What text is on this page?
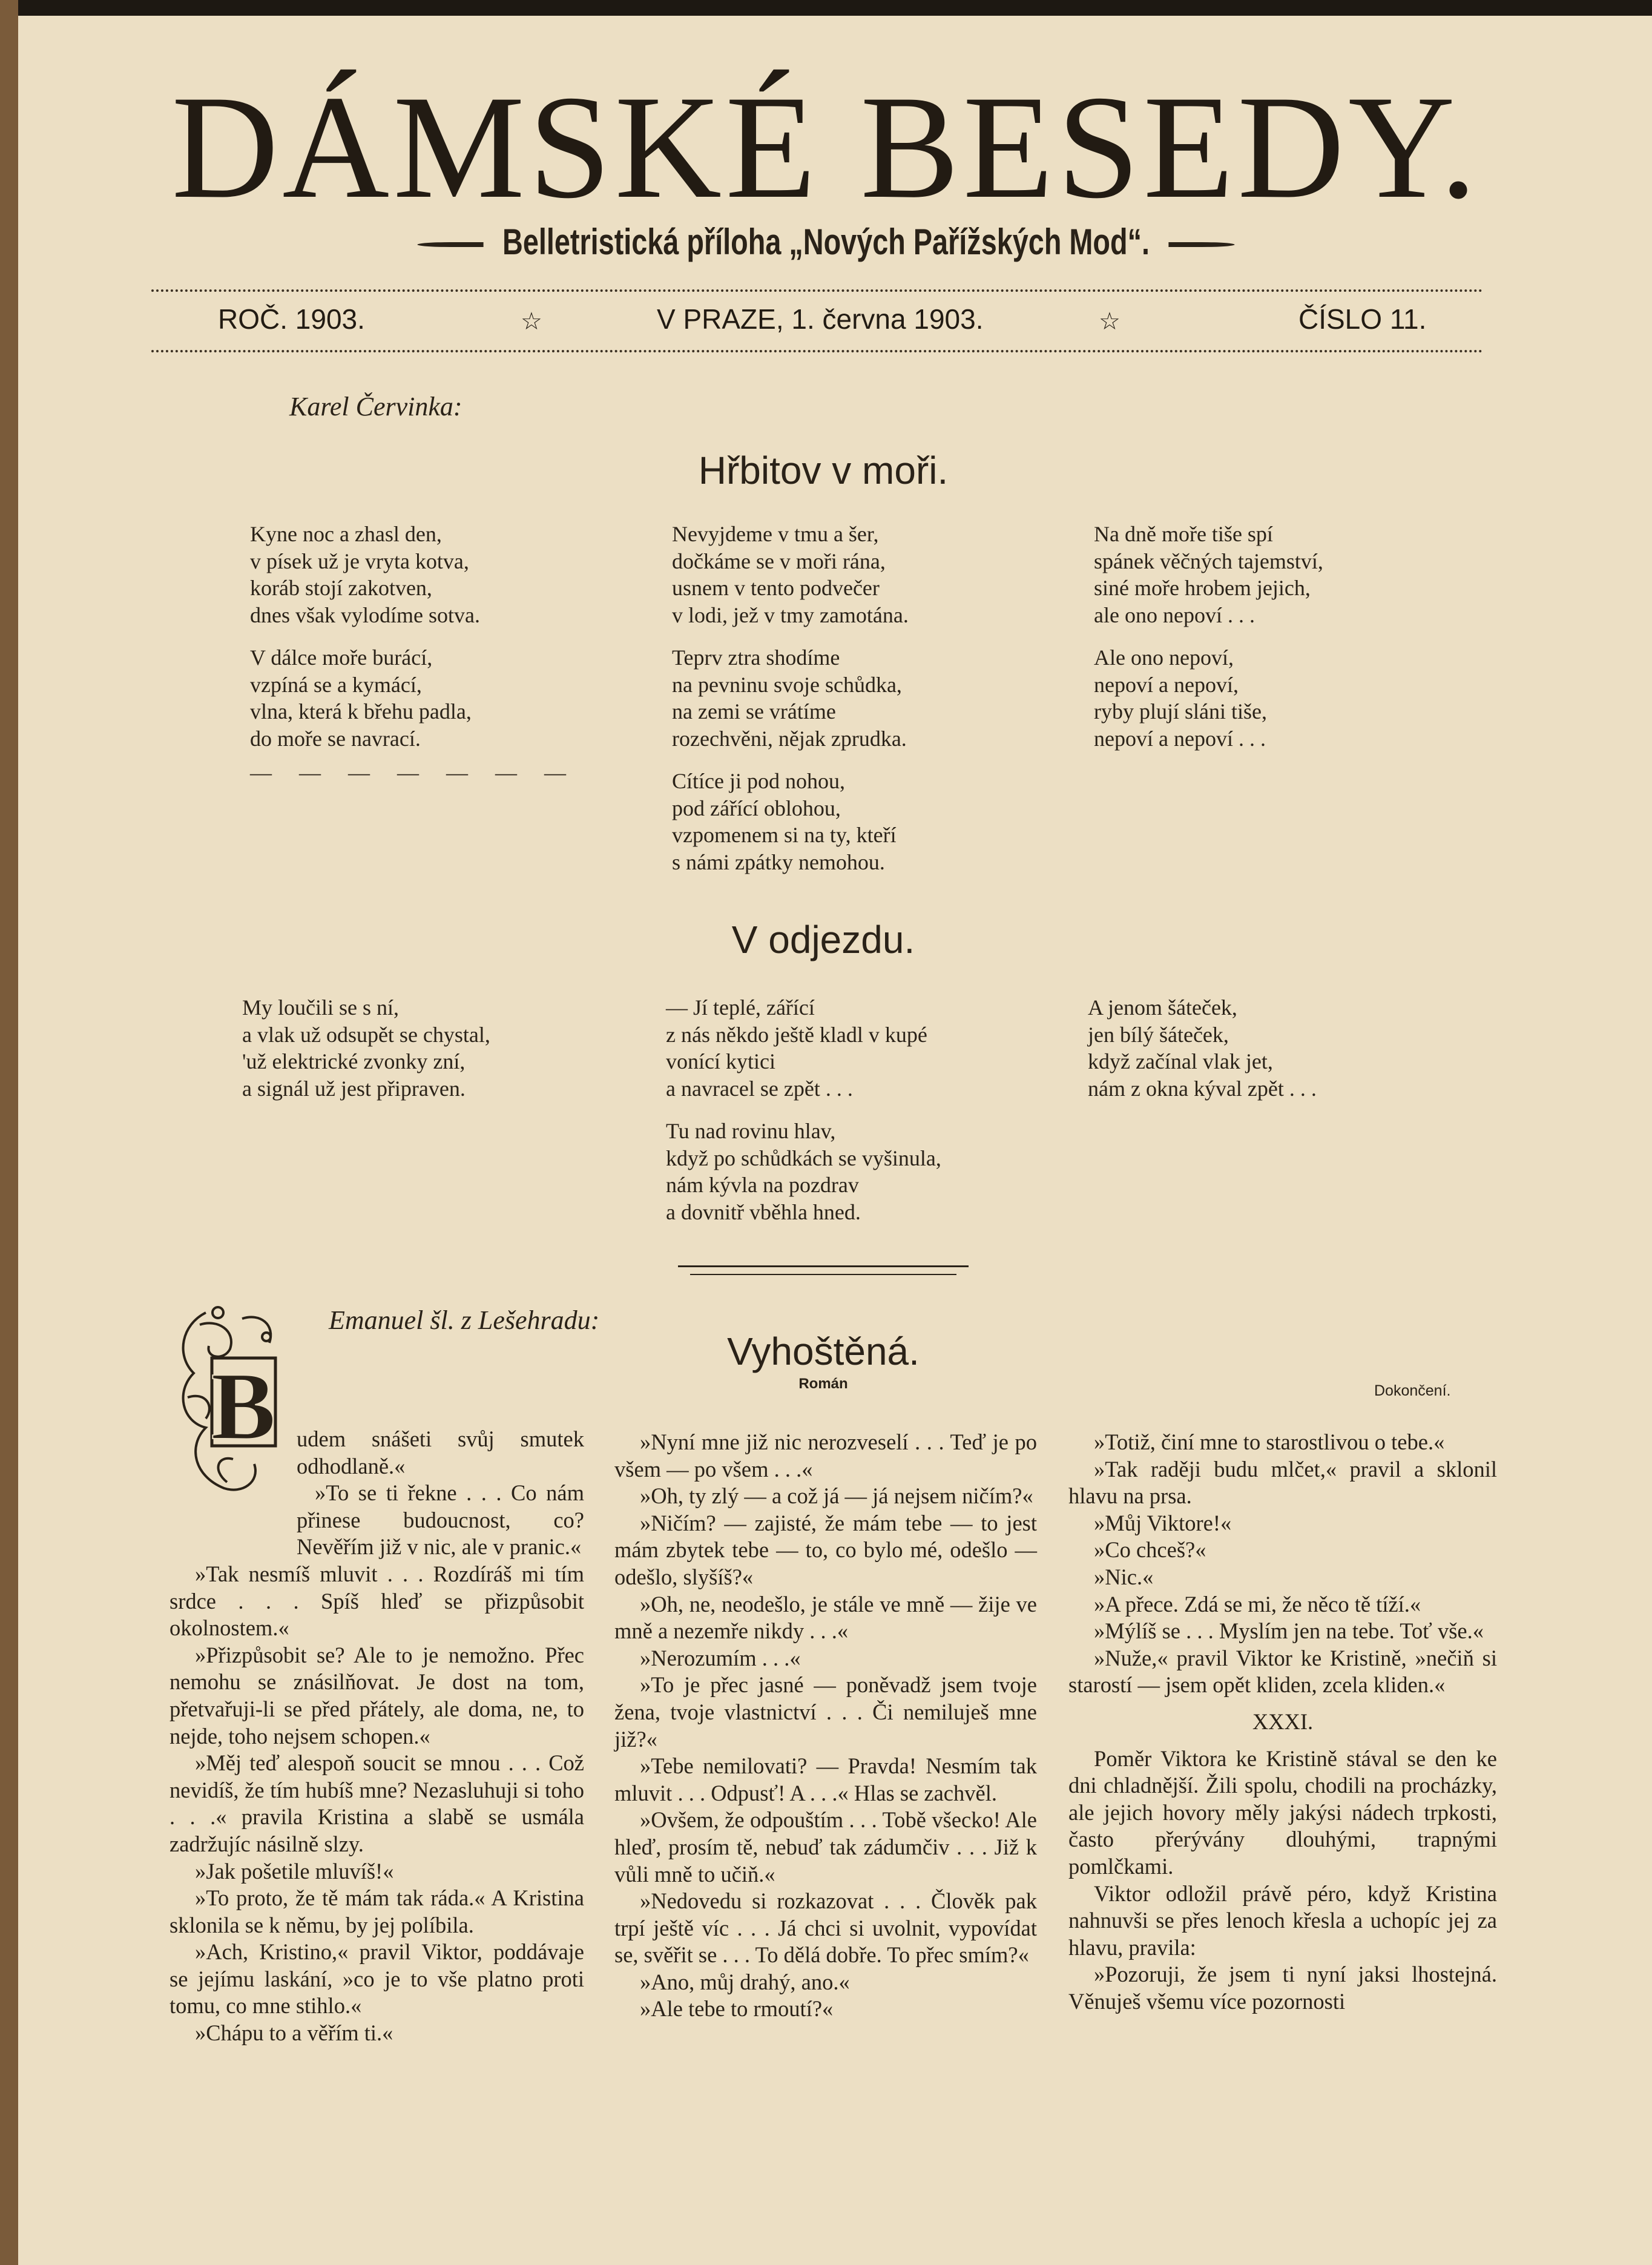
DÁMSKÉ BESEDY.
Belletristická příloha „Nových Pařížských Mod“.
ROČ. 1903.	☆	V PRAZE, 1. června 1903.	☆	ČÍSLO 11.
Karel Červinka:
Hřbitov v moři.
Kyne noc a zhasl den,
v písek už je vryta kotva,
koráb stojí zakotven,
dnes však vylodíme sotva.
V dálce moře burácí,
vzpíná se a kymácí,
vlna, která k břehu padla,
do moře se navrací.
— — — — — — —
Nevyjdeme v tmu a šer,
dočkáme se v moři rána,
usnem v tento podvečer
v lodi, jež v tmy zamotána.
Teprv ztra shodíme
na pevninu svoje schůdka,
na zemi se vrátíme
rozechvěni, nějak zprudka.
Cítíce ji pod nohou,
pod zářící oblohou,
vzpomenem si na ty, kteří
s námi zpátky nemohou.
Na dně moře tiše spí
spánek věčných tajemství,
siné moře hrobem jejich,
ale ono nepoví . . .
Ale ono nepoví,
nepoví a nepoví,
ryby plují sláni tiše,
nepoví a nepoví . . .
V odjezdu.
My loučili se s ní,
a vlak už odsupět se chystal,
'už elektrické zvonky zní,
a signál už jest připraven.
— Jí teplé, zářící
z nás někdo ještě kladl v kupé
vonící kytici
a navracel se zpět . . .
Tu nad rovinu hlav,
když po schůdkách se vyšinula,
nám kývla na pozdrav
a dovnitř vběhla hned.
A jenom šáteček,
jen bílý šáteček,
když začínal vlak jet,
nám z okna kýval zpět . . .
Emanuel šl. z Lešehradu:
Vyhoštěná.
Román	Dokončení.
B udem snášeti svůj smutek odhodlaně.«

»To se ti řekne . . . Co nám přinese budoucnost, co? Nevěřím již v nic, ale v pranic.«

»Tak nesmíš mluvit . . . Rozdíráš mi tím srdce . . . Spíš hleď se přizpůsobit okolnostem.«

»Přizpůsobit se? Ale to je nemožno. Přec nemohu se znásilňovat. Je dost na tom, přetvařuji-li se před přátely, ale doma, ne, to nejde, toho nejsem schopen.«

»Měj teď alespoň soucit se mnou . . . Což nevidíš, že tím hubíš mne? Nezasluhuji si toho . . .« pravila Kristina a slabě se usmála zadržujíc násilně slzy.

»Jak pošetile mluvíš!«

»To proto, že tě mám tak ráda.« A Kristina sklonila se k němu, by jej políbila.

»Ach, Kristino,« pravil Viktor, poddávaje se jejímu laskání, »co je to vše platno proti tomu, co mne stihlo.«

»Chápu to a věřím ti.«

»Nyní mne již nic nerozveselí . . . Teď je po všem — po všem . . .«

»Oh, ty zlý — a což já — já nejsem ničím?«

»Ničím? — zajisté, že mám tebe — to jest mám zbytek tebe — to, co bylo mé, odešlo — odešlo, slyšíš?«

»Oh, ne, neodešlo, je stále ve mně — žije ve mně a nezemře nikdy . . .«

»Nerozumím . . .«

»To je přec jasné — poněvadž jsem tvoje žena, tvoje vlastnictví . . . Či nemiluješ mne již?«

»Tebe nemilovati? — Pravda! Nesmím tak mluvit . . . Odpusť! A . . .« Hlas se zachvěl.

»Ovšem, že odpouštím . . . Tobě všecko! Ale hleď, prosím tě, nebuď tak zádumčiv . . . Již k vůli mně to učiň.«

»Nedovedu si rozkazovat . . . Člověk pak trpí ještě víc . . . Já chci si uvolnit, vypovídat se, svěřit se . . . To dělá dobře. To přec smím?«

»Ano, můj drahý, ano.«

»Ale tebe to rmoutí?«

»Totiž, činí mne to starostlivou o tebe.«

»Tak raději budu mlčet,« pravil a sklonil hlavu na prsa.

»Můj Viktore!«

»Co chceš?«

»Nic.«

»A přece. Zdá se mi, že něco tě tíží.«

»Mýlíš se . . . Myslím jen na tebe. Toť vše.«

»Nuže,« pravil Viktor ke Kristině, »nečiň si starostí — jsem opět kliden, zcela kliden.«

XXXI.

Poměr Viktora ke Kristině stával se den ke dni chladnější. Žili spolu, chodili na procházky, ale jejich hovory měly jakýsi nádech trpkosti, často přerývány dlouhými, trapnými pomlčkami.

Viktor odložil právě péro, když Kristina nahnuvši se přes lenoch křesla a uchopíc jej za hlavu, pravila:

»Pozoruji, že jsem ti nyní jaksi lhostejná. Věnuješ všemu více pozornosti
